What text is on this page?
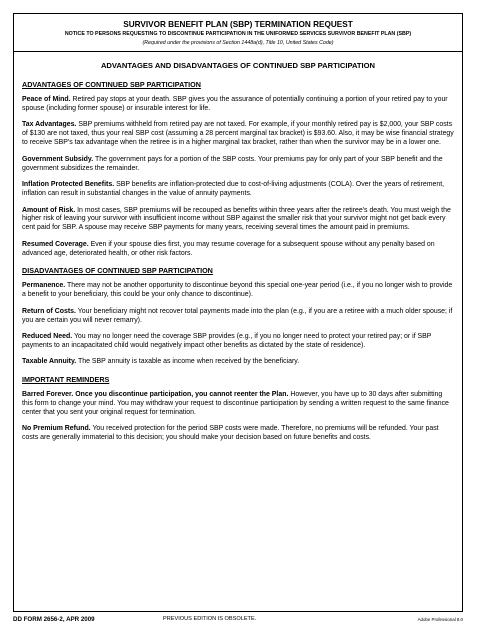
SURVIVOR BENEFIT PLAN (SBP) TERMINATION REQUEST
NOTICE TO PERSONS REQUESTING TO DISCONTINUE PARTICIPATION IN THE UNIFORMED SERVICES SURVIVOR BENEFIT PLAN (SBP)
(Required under the provisions of Section 1448a(d), Title 10, United States Code)
ADVANTAGES AND DISADVANTAGES OF CONTINUED SBP PARTICIPATION
ADVANTAGES OF CONTINUED SBP PARTICIPATION
Peace of Mind. Retired pay stops at your death. SBP gives you the assurance of potentially continuing a portion of your retired pay to your spouse (including former spouse) or insurable interest for life.
Tax Advantages. SBP premiums withheld from retired pay are not taxed. For example, if your monthly retired pay is $2,000, your SBP costs of $130 are not taxed, thus your real SBP cost (assuming a 28 percent marginal tax bracket) is $93.60. Also, it may be wise financial strategy to receive SBP's tax advantage when the retiree is in a higher marginal tax bracket, rather than when the survivor may be in a lower one.
Government Subsidy. The government pays for a portion of the SBP costs. Your premiums pay for only part of your SBP benefit and the government subsidizes the remainder.
Inflation Protected Benefits. SBP benefits are inflation-protected due to cost-of-living adjustments (COLA). Over the years of retirement, inflation can result in substantial changes in the value of annuity payments.
Amount of Risk. In most cases, SBP premiums will be recouped as benefits within three years after the retiree's death. You must weigh the higher risk of leaving your survivor with insufficient income without SBP against the smaller risk that your survivor might not get back every cent paid for SBP. A spouse may receive SBP payments for many years, receiving several times the amount paid in premiums.
Resumed Coverage. Even if your spouse dies first, you may resume coverage for a subsequent spouse without any penalty based on advanced age, deteriorated health, or other risk factors.
DISADVANTAGES OF CONTINUED SBP PARTICIPATION
Permanence. There may not be another opportunity to discontinue beyond this special one-year period (i.e., if you no longer wish to provide a benefit to your beneficiary, this could be your only chance to discontinue).
Return of Costs. Your beneficiary might not recover total payments made into the plan (e.g., if you are a retiree with a much older spouse; if you are certain you will never remarry).
Reduced Need. You may no longer need the coverage SBP provides (e.g., if you no longer need to protect your retired pay; or if SBP payments to an incapacitated child would negatively impact other benefits as dictated by the state of residence).
Taxable Annuity. The SBP annuity is taxable as income when received by the beneficiary.
IMPORTANT REMINDERS
Barred Forever. Once you discontinue participation, you cannot reenter the Plan. However, you have up to 30 days after submitting this form to change your mind. You may withdraw your request to discontinue participation by sending a written request to the same finance center that you sent your original request for termination.
No Premium Refund. You received protection for the period SBP costs were made. Therefore, no premiums will be refunded. Your past costs are generally immaterial to this decision; you should make your decision based on future benefits and costs.
DD FORM 2656-2, APR 2009	PREVIOUS EDITION IS OBSOLETE.	Adobe Professional 8.0
